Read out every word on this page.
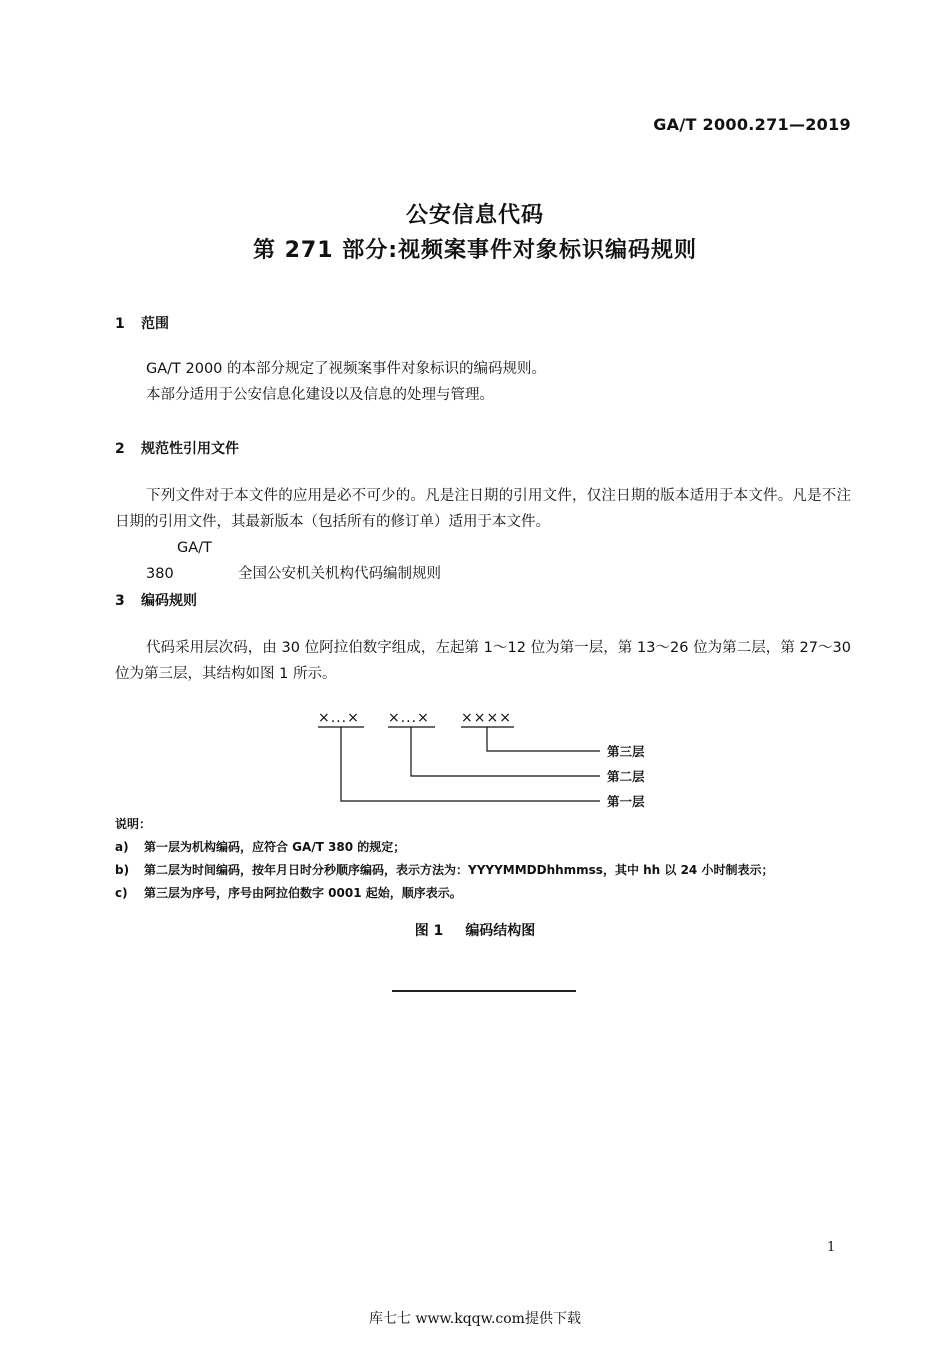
GA/T 2000.271—2019
公安信息代码
第 271 部分:视频案事件对象标识编码规则
1 范围

GA/T 2000 的本部分规定了视频案事件对象标识的编码规则。

本部分适用于公安信息化建设以及信息的处理与管理。

2 规范性引用文件

下列文件对于本文件的应用是必不可少的。凡是注日期的引用文件，仅注日期的版本适用于本文件。凡是不注日期的引用文件，其最新版本（包括所有的修订单）适用于本文件。

GA/T 380	全国公安机关机构代码编制规则

3 编码规则

代码采用层次码，由 30 位阿拉伯数字组成，左起第 1～12 位为第一层，第 13～26 位为第二层，第 27～30 位为第三层，其结构如图 1 所示。

×...× ×...× ××××
第三层
第二层
第一层
说明：
a) 第一层为机构编码，应符合 GA/T 380 的规定；
b) 第二层为时间编码，按年月日时分秒顺序编码，表示方法为：YYYYMMDDhhmmss，其中 hh 以 24 小时制表示；
c) 第三层为序号，序号由阿拉伯数字 0001 起始，顺序表示。
图 1 编码结构图
1
库七七 www.kqqw.com提供下载
